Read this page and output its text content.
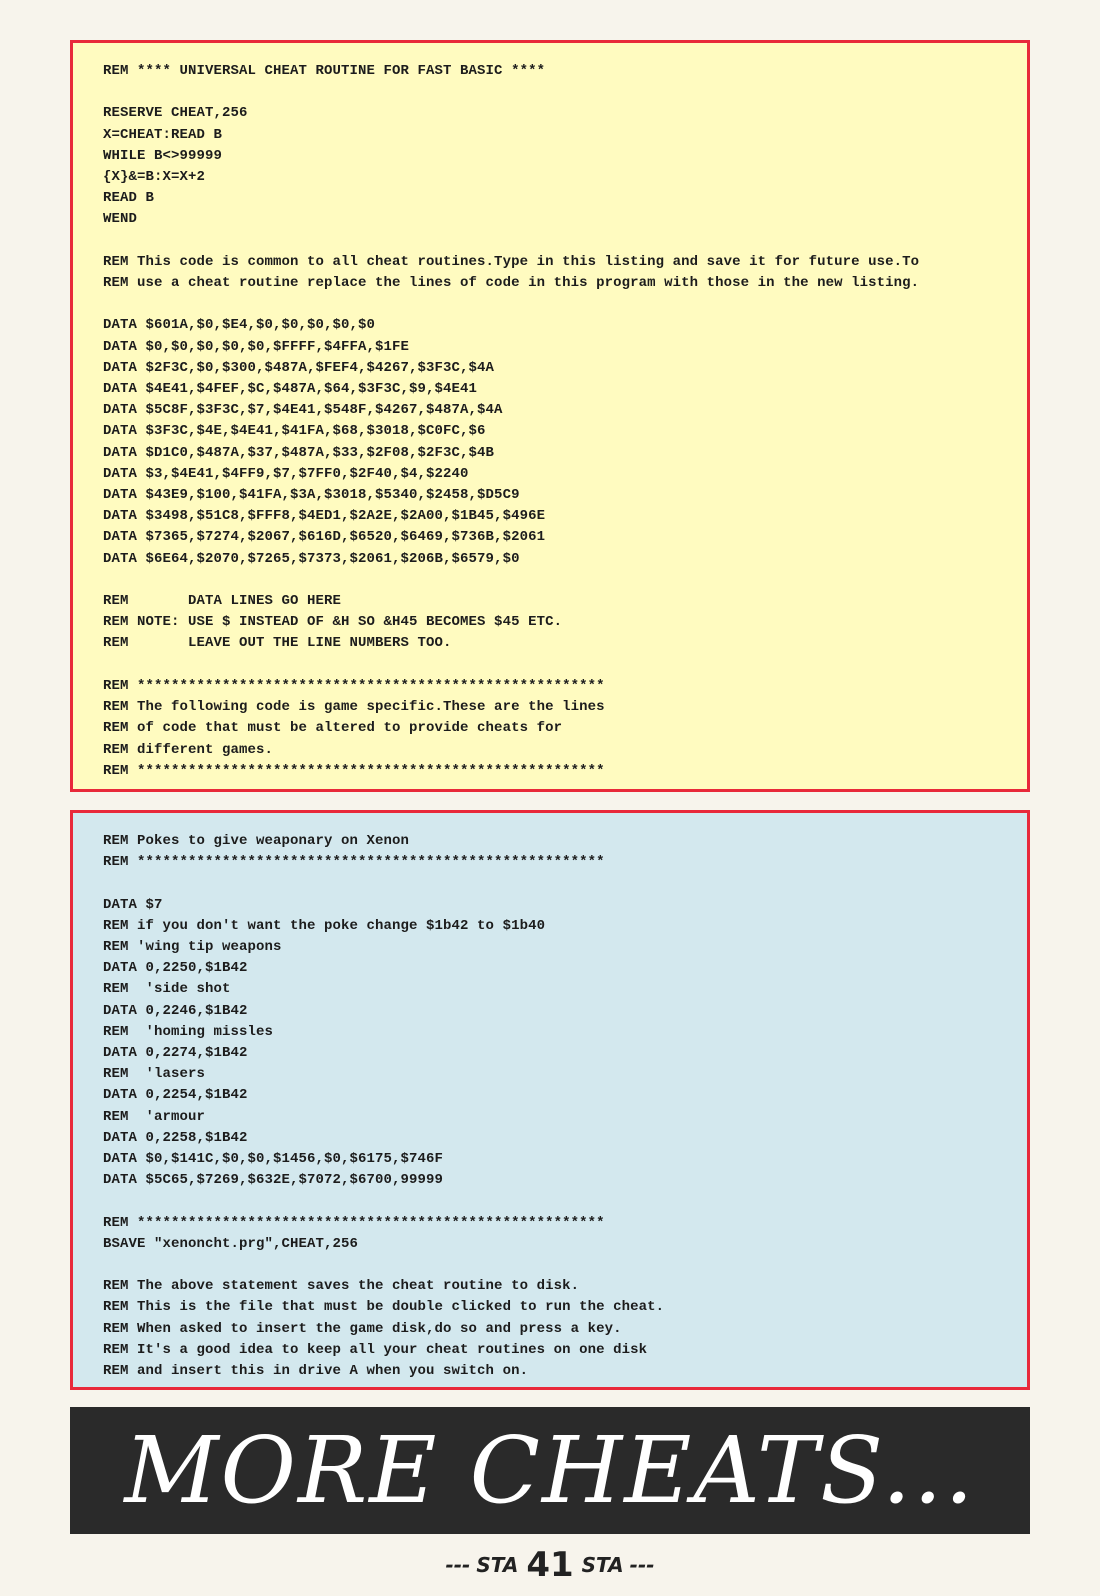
REM **** UNIVERSAL CHEAT ROUTINE FOR FAST BASIC ****

RESERVE CHEAT,256
X=CHEAT:READ B
WHILE B<>99999
{X}&=B:X=X+2
READ B
WEND

REM This code is common to all cheat routines.Type in this listing and save it for future use.To
REM use a cheat routine replace the lines of code in this program with those in the new listing.

DATA $601A,$0,$E4,$0,$0,$0,$0,$0
DATA $0,$0,$0,$0,$0,$FFFF,$4FFA,$1FE
DATA $2F3C,$0,$300,$487A,$FEF4,$4267,$3F3C,$4A
DATA $4E41,$4FEF,$C,$487A,$64,$3F3C,$9,$4E41
DATA $5C8F,$3F3C,$7,$4E41,$548F,$4267,$487A,$4A
DATA $3F3C,$4E,$4E41,$41FA,$68,$3018,$C0FC,$6
DATA $D1C0,$487A,$37,$487A,$33,$2F08,$2F3C,$4B
DATA $3,$4E41,$4FF9,$7,$7FF0,$2F40,$4,$2240
DATA $43E9,$100,$41FA,$3A,$3018,$5340,$2458,$D5C9
DATA $3498,$51C8,$FFF8,$4ED1,$2A2E,$2A00,$1B45,$496E
DATA $7365,$7274,$2067,$616D,$6520,$6469,$736B,$2061
DATA $6E64,$2070,$7265,$7373,$2061,$206B,$6579,$0

REM       DATA LINES GO HERE
REM NOTE: USE $ INSTEAD OF &H SO &H45 BECOMES $45 ETC.
REM       LEAVE OUT THE LINE NUMBERS TOO.

REM *******************************************************
REM The following code is game specific.These are the lines
REM of code that must be altered to provide cheats for
REM different games.
REM *******************************************************
REM Pokes to give weaponary on Xenon
REM *******************************************************

DATA $7
REM if you don't want the poke change $1b42 to $1b40
REM 'wing tip weapons
DATA 0,2250,$1B42
REM  'side shot
DATA 0,2246,$1B42
REM  'homing missles
DATA 0,2274,$1B42
REM  'lasers
DATA 0,2254,$1B42
REM  'armour
DATA 0,2258,$1B42
DATA $0,$141C,$0,$0,$1456,$0,$6175,$746F
DATA $5C65,$7269,$632E,$7072,$6700,99999

REM *******************************************************
BSAVE "xenoncht.prg",CHEAT,256

REM The above statement saves the cheat routine to disk.
REM This is the file that must be double clicked to run the cheat.
REM When asked to insert the game disk,do so and press a key.
REM It's a good idea to keep all your cheat routines on one disk
REM and insert this in drive A when you switch on.
MORE CHEATS...
--- STA 41 STA ---
